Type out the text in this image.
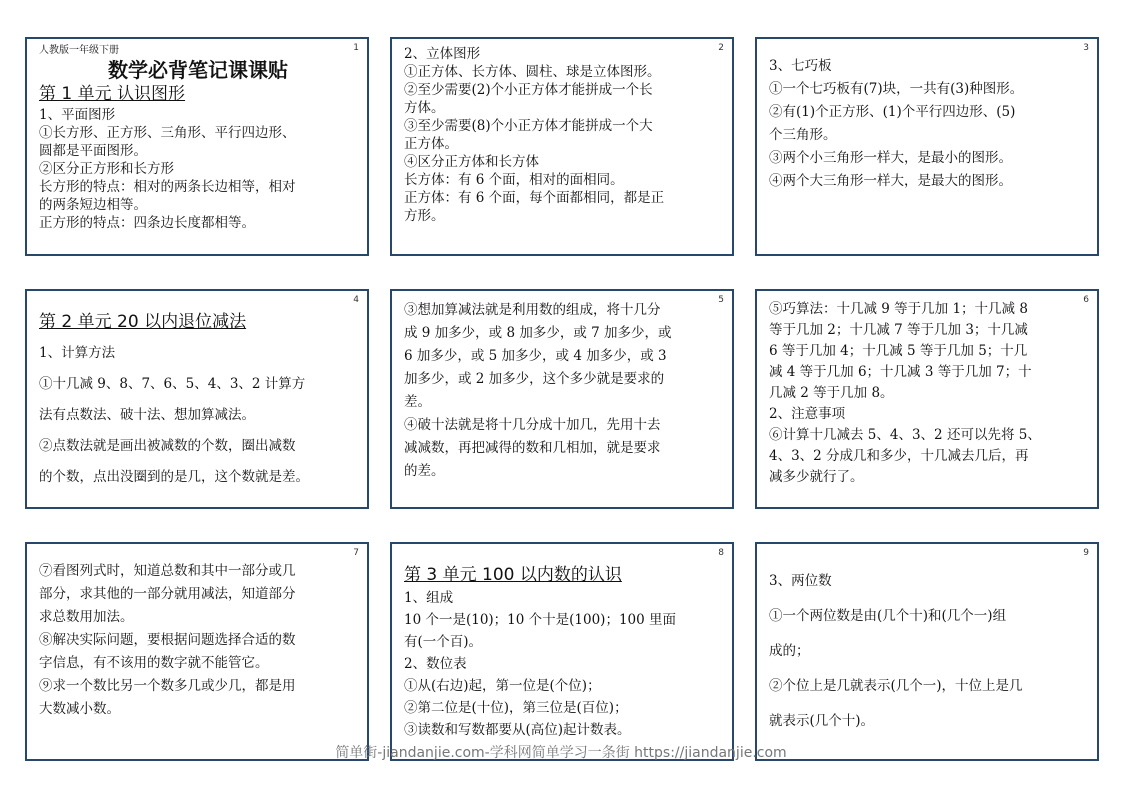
1
人教版一年级下册
数学必背笔记课课贴
第 1 单元 认识图形
1、平面图形
①长方形、正方形、三角形、平行四边形、
圆都是平面图形。
②区分正方形和长方形
长方形的特点：相对的两条长边相等，相对
的两条短边相等。
正方形的特点：四条边长度都相等。
2
2、立体图形
①正方体、长方体、圆柱、球是立体图形。
②至少需要(2)个小正方体才能拼成一个长
方体。
③至少需要(8)个小正方体才能拼成一个大
正方体。
④区分正方体和长方体
长方体：有 6 个面，相对的面相同。
正方体：有 6 个面，每个面都相同，都是正
方形。
3
3、七巧板
①一个七巧板有(7)块，一共有(3)种图形。
②有(1)个正方形、(1)个平行四边形、(5)
个三角形。
③两个小三角形一样大，是最小的图形。
④两个大三角形一样大，是最大的图形。
4
第 2 单元 20 以内退位减法
1、计算方法
①十几减 9、8、7、6、5、4、3、2 计算方
法有点数法、破十法、想加算减法。
②点数法就是画出被减数的个数，圈出减数
的个数，点出没圈到的是几，这个数就是差。
5
③想加算减法就是利用数的组成，将十几分
成 9 加多少，或 8 加多少，或 7 加多少，或
6 加多少，或 5 加多少，或 4 加多少，或 3
加多少，或 2 加多少，这个多少就是要求的
差。
④破十法就是将十几分成十加几，先用十去
减减数，再把减得的数和几相加，就是要求
的差。
6
⑤巧算法：十几减 9 等于几加 1；十几减 8
等于几加 2；十几减 7 等于几加 3；十几减
6 等于几加 4；十几减 5 等于几加 5；十几
减 4 等于几加 6；十几减 3 等于几加 7；十
几减 2 等于几加 8。
2、注意事项
⑥计算十几减去 5、4、3、2 还可以先将 5、
4、3、2 分成几和多少，十几减去几后，再
减多少就行了。
7
⑦看图列式时，知道总数和其中一部分或几
部分，求其他的一部分就用减法，知道部分
求总数用加法。
⑧解决实际问题，要根据问题选择合适的数
字信息，有不该用的数字就不能管它。
⑨求一个数比另一个数多几或少几，都是用
大数减小数。
8
第 3 单元 100 以内数的认识
1、组成
10 个一是(10)；10 个十是(100)；100 里面
有(一个百)。
2、数位表
①从(右边)起，第一位是(个位)；
②第二位是(十位)，第三位是(百位)；
③读数和写数都要从(高位)起计数表。
9
3、两位数
①一个两位数是由(几个十)和(几个一)组
成的；
②个位上是几就表示(几个一)，十位上是几
就表示(几个十)。
简单街-jiandanjie.com-学科网简单学习一条街 https://jiandanjie.com
